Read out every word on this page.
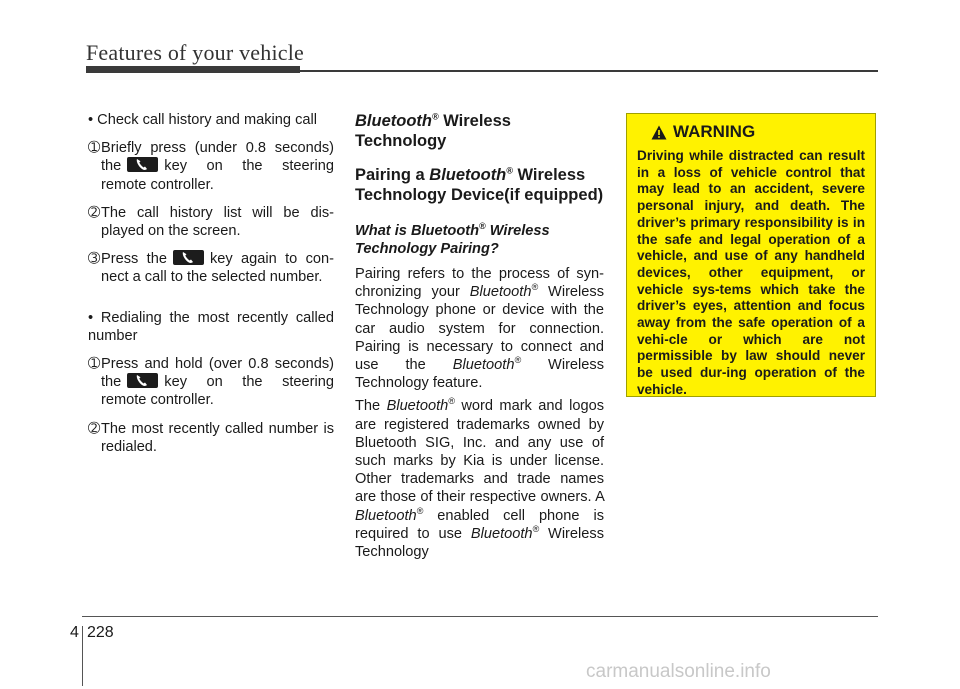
Features of your vehicle

• Check call history and making call

➀ Briefly press (under 0.8 seconds) the	key on the steering remote controller.

➁ The call history list will be dis-played on the screen.

➂ Press the	key again to con-nect a call to the selected number.

• Redialing the most recently called number

➀ Press and hold (over 0.8 seconds) the	key on the steering remote controller.

➁ The most recently called number is redialed.

Bluetooth® Wireless Technology

Pairing a Bluetooth® Wireless Technology Device(if equipped)

What is Bluetooth® Wireless Technology Pairing?

Pairing refers to the process of syn-chronizing your Bluetooth® Wireless Technology phone or device with the car audio system for connection. Pairing is necessary to connect and use the Bluetooth® Wireless Technology feature.

The Bluetooth® word mark and logos are registered trademarks owned by Bluetooth SIG, Inc. and any use of such marks by Kia is under license. Other trademarks and trade names are those of their respective owners. A Bluetooth® enabled cell phone is required to use Bluetooth® Wireless Technology

WARNING

Driving while distracted can result in a loss of vehicle control that may lead to an accident, severe personal injury, and death. The driver’s primary responsibility is in the safe and legal operation of a vehicle, and use of any handheld devices, other equipment, or vehicle sys-tems which take the driver’s eyes, attention and focus away from the safe operation of a vehi-cle or which are not permissible by law should never be used dur-ing operation of the vehicle.

4 228
carmanualsonline.info
